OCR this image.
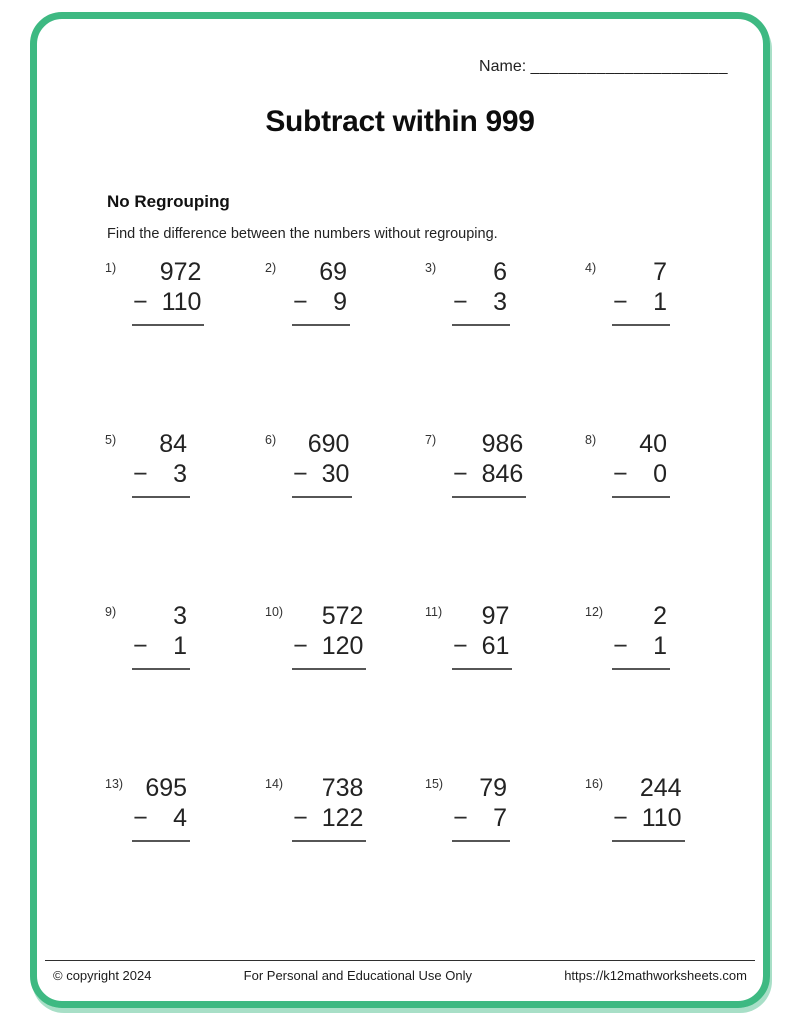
Name: _____________________
Subtract within 999
No Regrouping
Find the difference between the numbers without regrouping.
1)	972
− 110
2)	69
− 9
3)	6
− 3
4)	7
− 1
5)	84
− 3
6)	690
− 30
7)	986
− 846
8)	40
− 0
9)	3
− 1
10)	572
− 120
11)	97
− 61
12)	2
− 1
13) 695
− 4
14)	738
− 122
15)	79
− 7
16)	244
− 110
© copyright 2024	For Personal and Educational Use Only	https://k12mathworksheets.com
